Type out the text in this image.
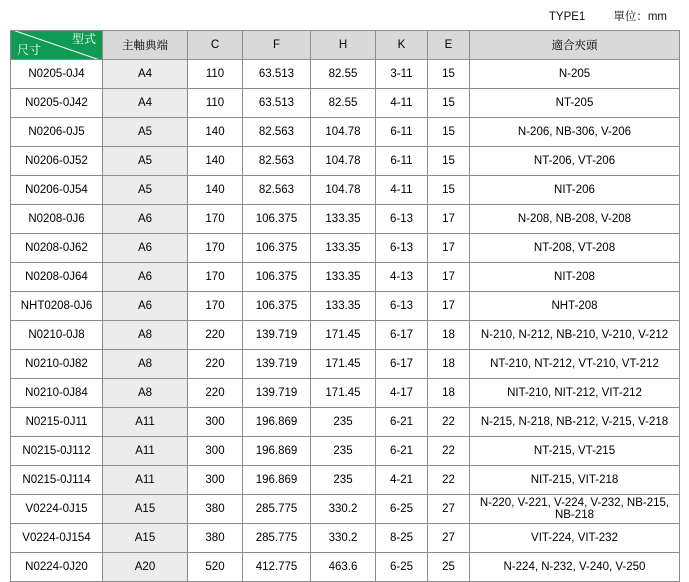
TYPE1 單位：mm
型式
尺寸	主軸典端	C	F	H	K	E	適合夾頭
N0205-0J4	A4	110	63.513	82.55	3-11	15	N-205
N0205-0J42	A4	110	63.513	82.55	4-11	15	NT-205
N0206-0J5	A5	140	82.563	104.78	6-11	15	N-206, NB-306, V-206
N0206-0J52	A5	140	82.563	104.78	6-11	15	NT-206, VT-206
N0206-0J54	A5	140	82.563	104.78	4-11	15	NIT-206
N0208-0J6	A6	170	106.375	133.35	6-13	17	N-208, NB-208, V-208
N0208-0J62	A6	170	106.375	133.35	6-13	17	NT-208, VT-208
N0208-0J64	A6	170	106.375	133.35	4-13	17	NIT-208
NHT0208-0J6	A6	170	106.375	133.35	6-13	17	NHT-208
N0210-0J8	A8	220	139.719	171.45	6-17	18	N-210, N-212, NB-210, V-210, V-212
N0210-0J82	A8	220	139.719	171.45	6-17	18	NT-210, NT-212, VT-210, VT-212
N0210-0J84	A8	220	139.719	171.45	4-17	18	NIT-210, NIT-212, VIT-212
N0215-0J11	A11	300	196.869	235	6-21	22	N-215, N-218, NB-212, V-215, V-218
N0215-0J112	A11	300	196.869	235	6-21	22	NT-215, VT-215
N0215-0J114	A11	300	196.869	235	4-21	22	NIT-215, VIT-218
V0224-0J15	A15	380	285.775	330.2	6-25	27	N-220, V-221, V-224, V-232, NB-215, NB-218
V0224-0J154	A15	380	285.775	330.2	8-25	27	VIT-224, VIT-232
N0224-0J20	A20	520	412.775	463.6	6-25	25	N-224, N-232, V-240, V-250
